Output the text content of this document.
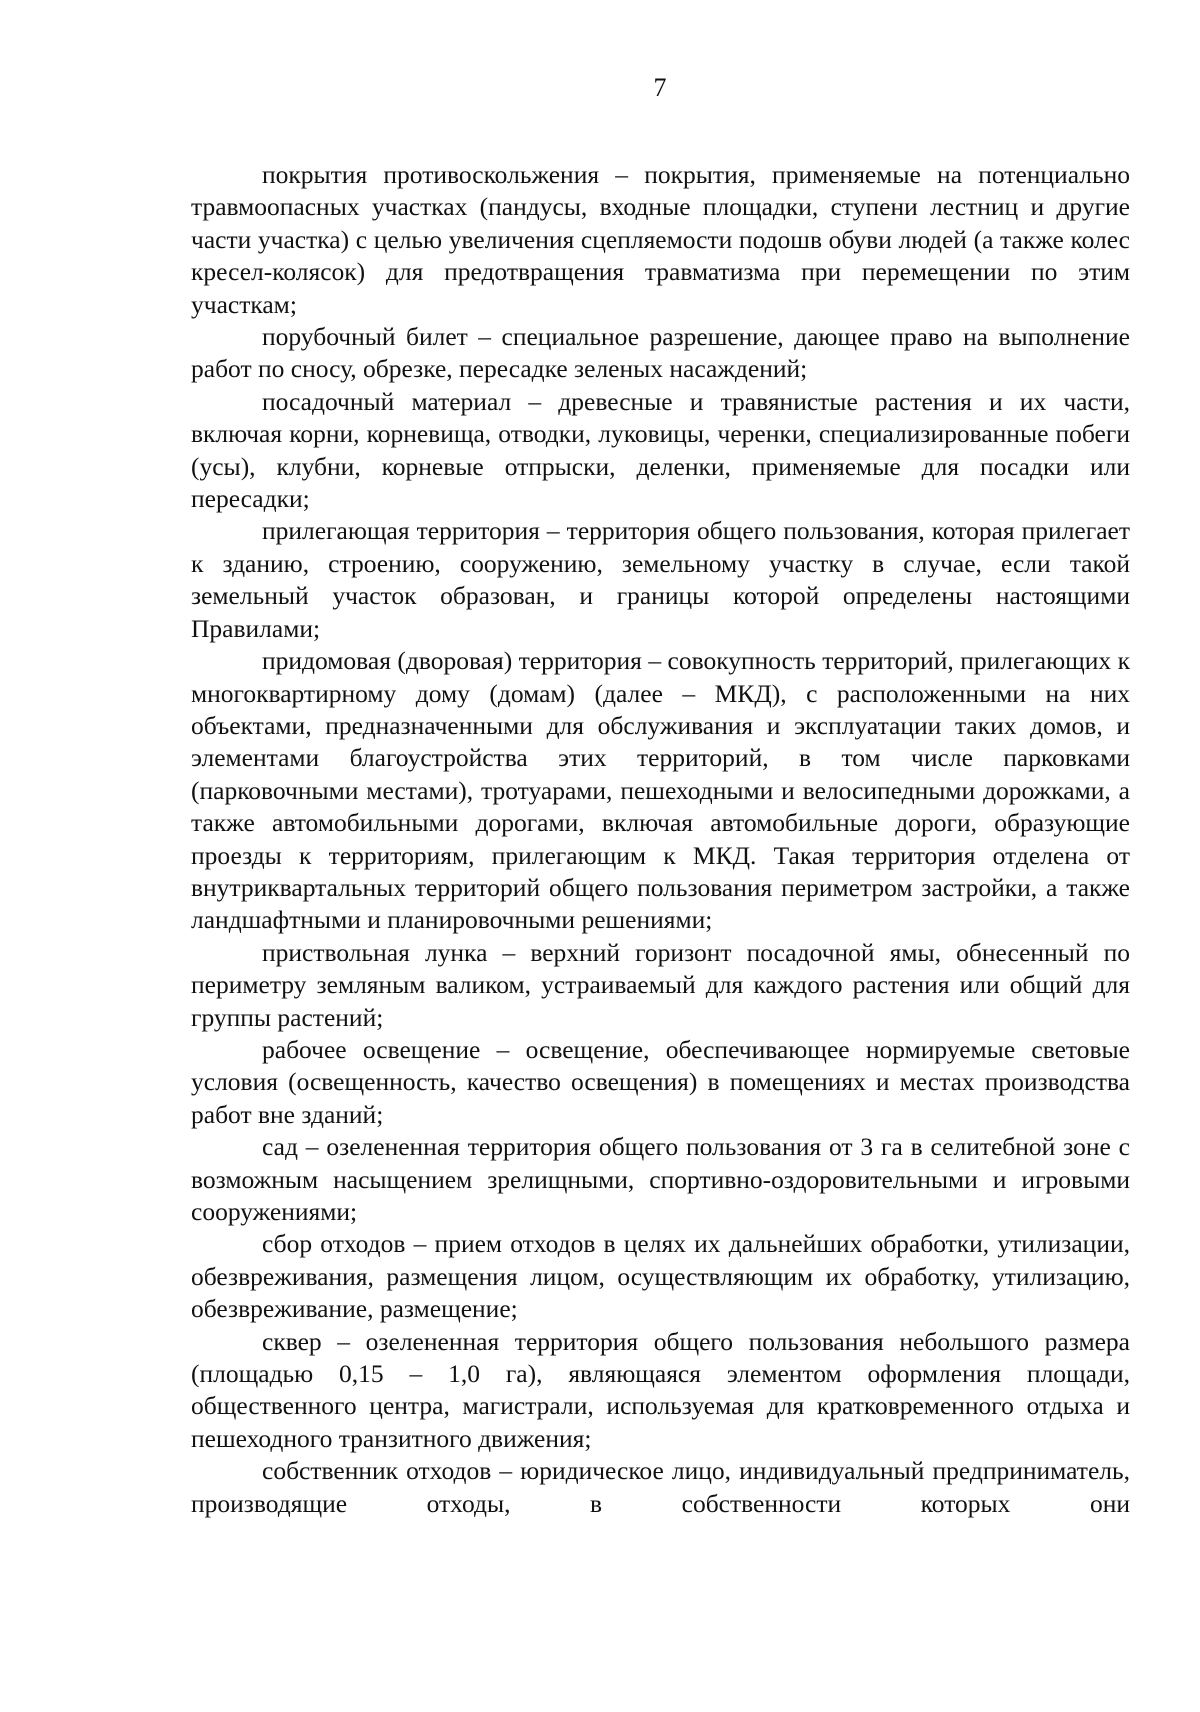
7

покрытия противоскольжения – покрытия, применяемые на потенциально травмоопасных участках (пандусы, входные площадки, ступени лестниц и другие части участка) с целью увеличения сцепляемости подошв обуви людей (а также колес кресел-колясок) для предотвращения травматизма при перемещении по этим участкам;

порубочный билет – специальное разрешение, дающее право на выполнение работ по сносу, обрезке, пересадке зеленых насаждений;

посадочный материал – древесные и травянистые растения и их части, включая корни, корневища, отводки, луковицы, черенки, специализированные побеги (усы), клубни, корневые отпрыски, деленки, применяемые для посадки или пересадки;

прилегающая территория – территория общего пользования, которая прилегает к зданию, строению, сооружению, земельному участку в случае, если такой земельный участок образован, и границы которой определены настоящими Правилами;

придомовая (дворовая) территория – совокупность территорий, прилегающих к многоквартирному дому (домам) (далее – МКД), с расположенными на них объектами, предназначенными для обслуживания и эксплуатации таких домов, и элементами благоустройства этих территорий, в том числе парковками (парковочными местами), тротуарами, пешеходными и велосипедными дорожками, а также автомобильными дорогами, включая автомобильные дороги, образующие проезды к территориям, прилегающим к МКД. Такая территория отделена от внутриквартальных территорий общего пользования периметром застройки, а также ландшафтными и планировочными решениями;

приствольная лунка – верхний горизонт посадочной ямы, обнесенный по периметру земляным валиком, устраиваемый для каждого растения или общий для группы растений;

рабочее освещение – освещение, обеспечивающее нормируемые световые условия (освещенность, качество освещения) в помещениях и местах производства работ вне зданий;

сад – озелененная территория общего пользования от 3 га в селитебной зоне с возможным насыщением зрелищными, спортивно-оздоровительными и игровыми сооружениями;

сбор отходов – прием отходов в целях их дальнейших обработки, утилизации, обезвреживания, размещения лицом, осуществляющим их обработку, утилизацию, обезвреживание, размещение;

сквер – озелененная территория общего пользования небольшого размера (площадью 0,15 – 1,0 га), являющаяся элементом оформления площади, общественного центра, магистрали, используемая для кратковременного отдыха и пешеходного транзитного движения;

собственник отходов – юридическое лицо, индивидуальный предприниматель, производящие отходы, в собственности которых они
